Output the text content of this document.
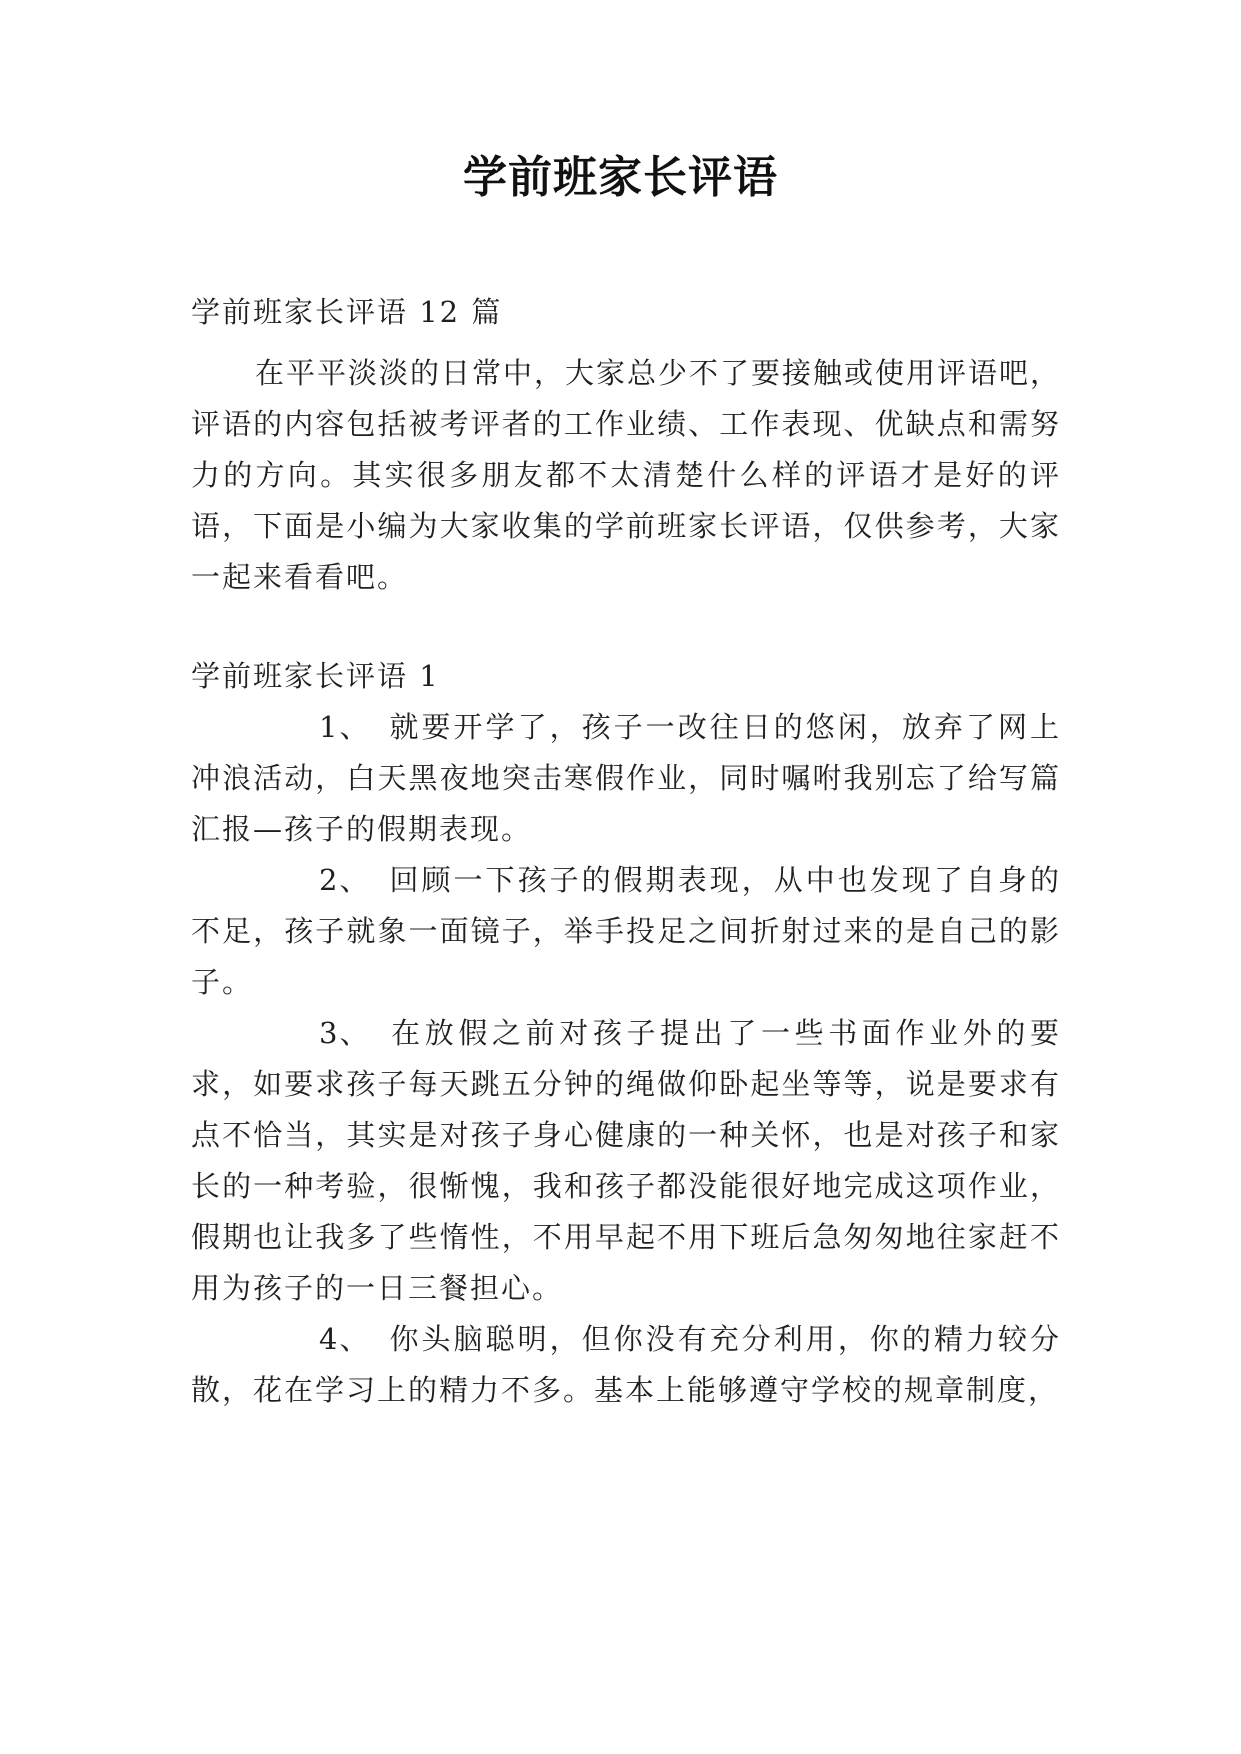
学前班家长评语

学前班家长评语 12 篇

在平平淡淡的日常中，大家总少不了要接触或使用评语吧，评语的内容包括被考评者的工作业绩、工作表现、优缺点和需努力的方向。其实很多朋友都不太清楚什么样的评语才是好的评语，下面是小编为大家收集的学前班家长评语，仅供参考，大家一起来看看吧。

学前班家长评语 1

1、 就要开学了，孩子一改往日的悠闲，放弃了网上冲浪活动，白天黑夜地突击寒假作业，同时嘱咐我别忘了给写篇汇报—孩子的假期表现。

2、 回顾一下孩子的假期表现，从中也发现了自身的不足，孩子就象一面镜子，举手投足之间折射过来的是自己的影子。

3、 在放假之前对孩子提出了一些书面作业外的要求，如要求孩子每天跳五分钟的绳做仰卧起坐等等，说是要求有点不恰当，其实是对孩子身心健康的一种关怀，也是对孩子和家长的一种考验，很惭愧，我和孩子都没能很好地完成这项作业，假期也让我多了些惰性，不用早起不用下班后急匆匆地往家赶不用为孩子的一日三餐担心。

4、 你头脑聪明，但你没有充分利用，你的精力较分散，花在学习上的精力不多。基本上能够遵守学校的规章制度，
